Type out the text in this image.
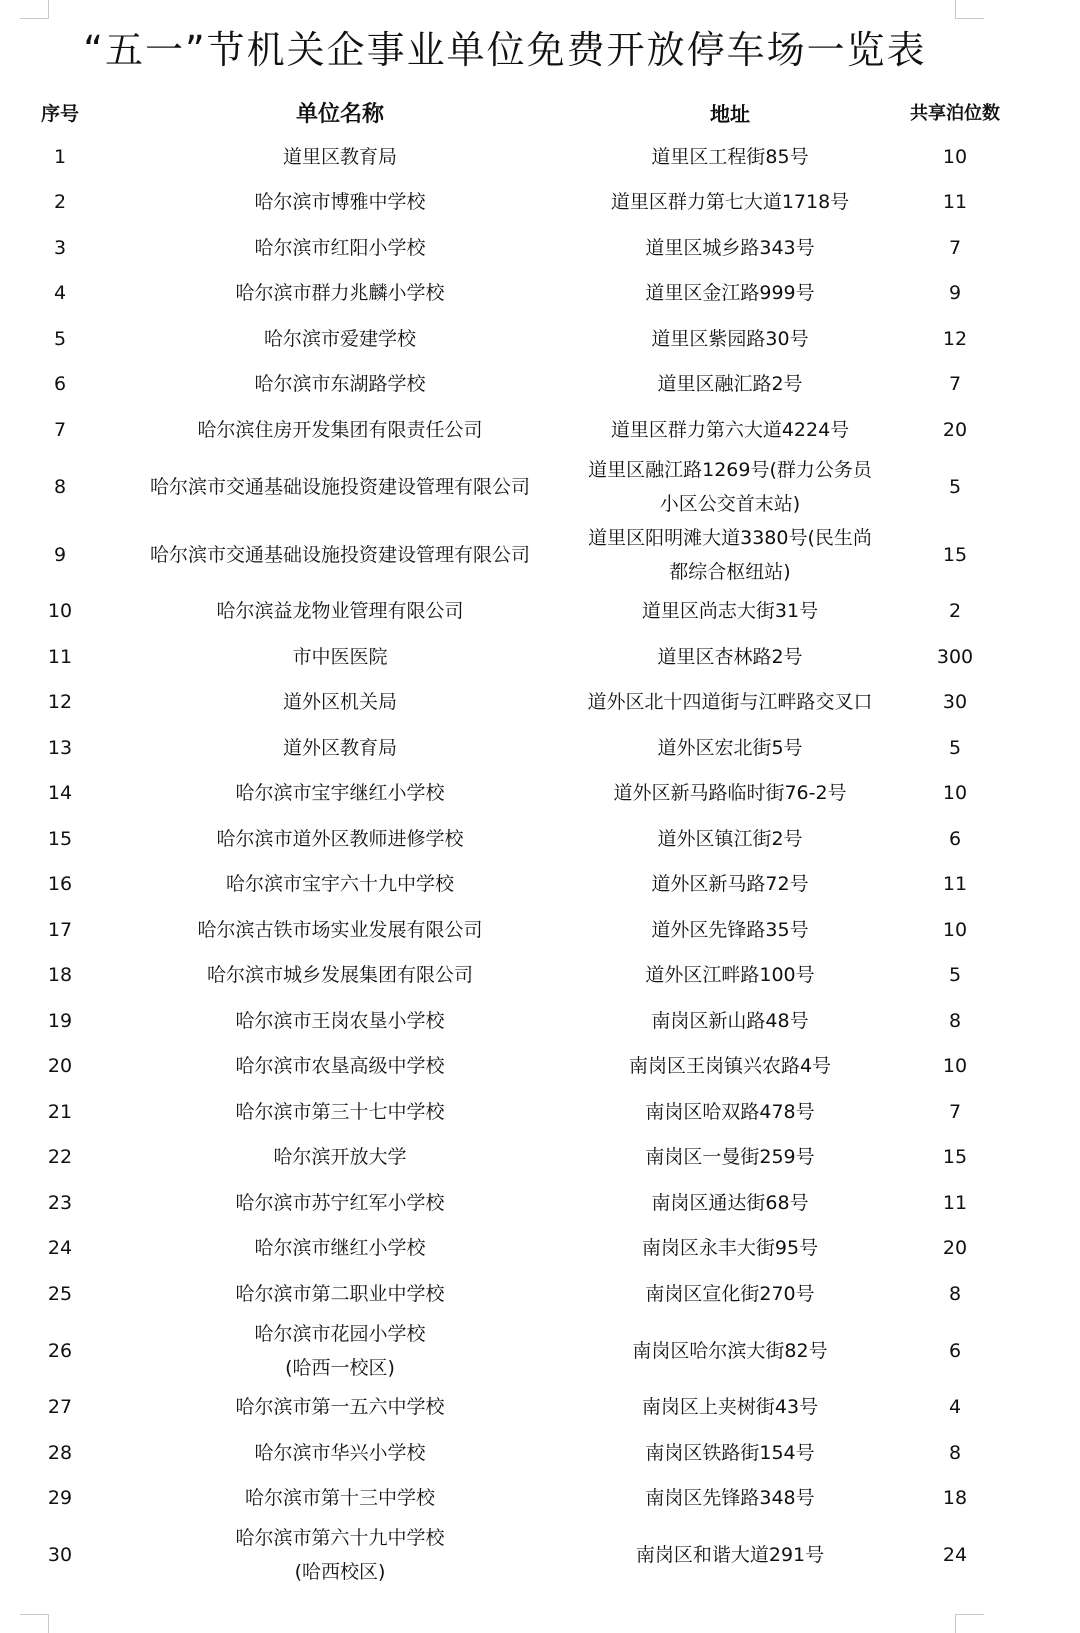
“五一”节机关企事业单位免费开放停车场一览表
序号	单位名称	地址	共享泊位数
1	道里区教育局	道里区工程街85号	10
2	哈尔滨市博雅中学校	道里区群力第七大道1718号	11
3	哈尔滨市红阳小学校	道里区城乡路343号	7
4	哈尔滨市群力兆麟小学校	道里区金江路999号	9
5	哈尔滨市爱建学校	道里区紫园路30号	12
6	哈尔滨市东湖路学校	道里区融汇路2号	7
7	哈尔滨住房开发集团有限责任公司	道里区群力第六大道4224号	20
8	哈尔滨市交通基础设施投资建设管理有限公司	道里区融江路1269号(群力公务员
小区公交首末站)	5
9	哈尔滨市交通基础设施投资建设管理有限公司	道里区阳明滩大道3380号(民生尚
都综合枢纽站)	15
10	哈尔滨益龙物业管理有限公司	道里区尚志大街31号	2
11	市中医医院	道里区杏林路2号	300
12	道外区机关局	道外区北十四道街与江畔路交叉口	30
13	道外区教育局	道外区宏北街5号	5
14	哈尔滨市宝宇继红小学校	道外区新马路临时街76-2号	10
15	哈尔滨市道外区教师进修学校	道外区镇江街2号	6
16	哈尔滨市宝宇六十九中学校	道外区新马路72号	11
17	哈尔滨古铁市场实业发展有限公司	道外区先锋路35号	10
18	哈尔滨市城乡发展集团有限公司	道外区江畔路100号	5
19	哈尔滨市王岗农垦小学校	南岗区新山路48号	8
20	哈尔滨市农垦高级中学校	南岗区王岗镇兴农路4号	10
21	哈尔滨市第三十七中学校	南岗区哈双路478号	7
22	哈尔滨开放大学	南岗区一曼街259号	15
23	哈尔滨市苏宁红军小学校	南岗区通达街68号	11
24	哈尔滨市继红小学校	南岗区永丰大街95号	20
25	哈尔滨市第二职业中学校	南岗区宣化街270号	8
26	哈尔滨市花园小学校
(哈西一校区)	南岗区哈尔滨大街82号	6
27	哈尔滨市第一五六中学校	南岗区上夹树街43号	4
28	哈尔滨市华兴小学校	南岗区铁路街154号	8
29	哈尔滨市第十三中学校	南岗区先锋路348号	18
30	哈尔滨市第六十九中学校
(哈西校区)	南岗区和谐大道291号	24
